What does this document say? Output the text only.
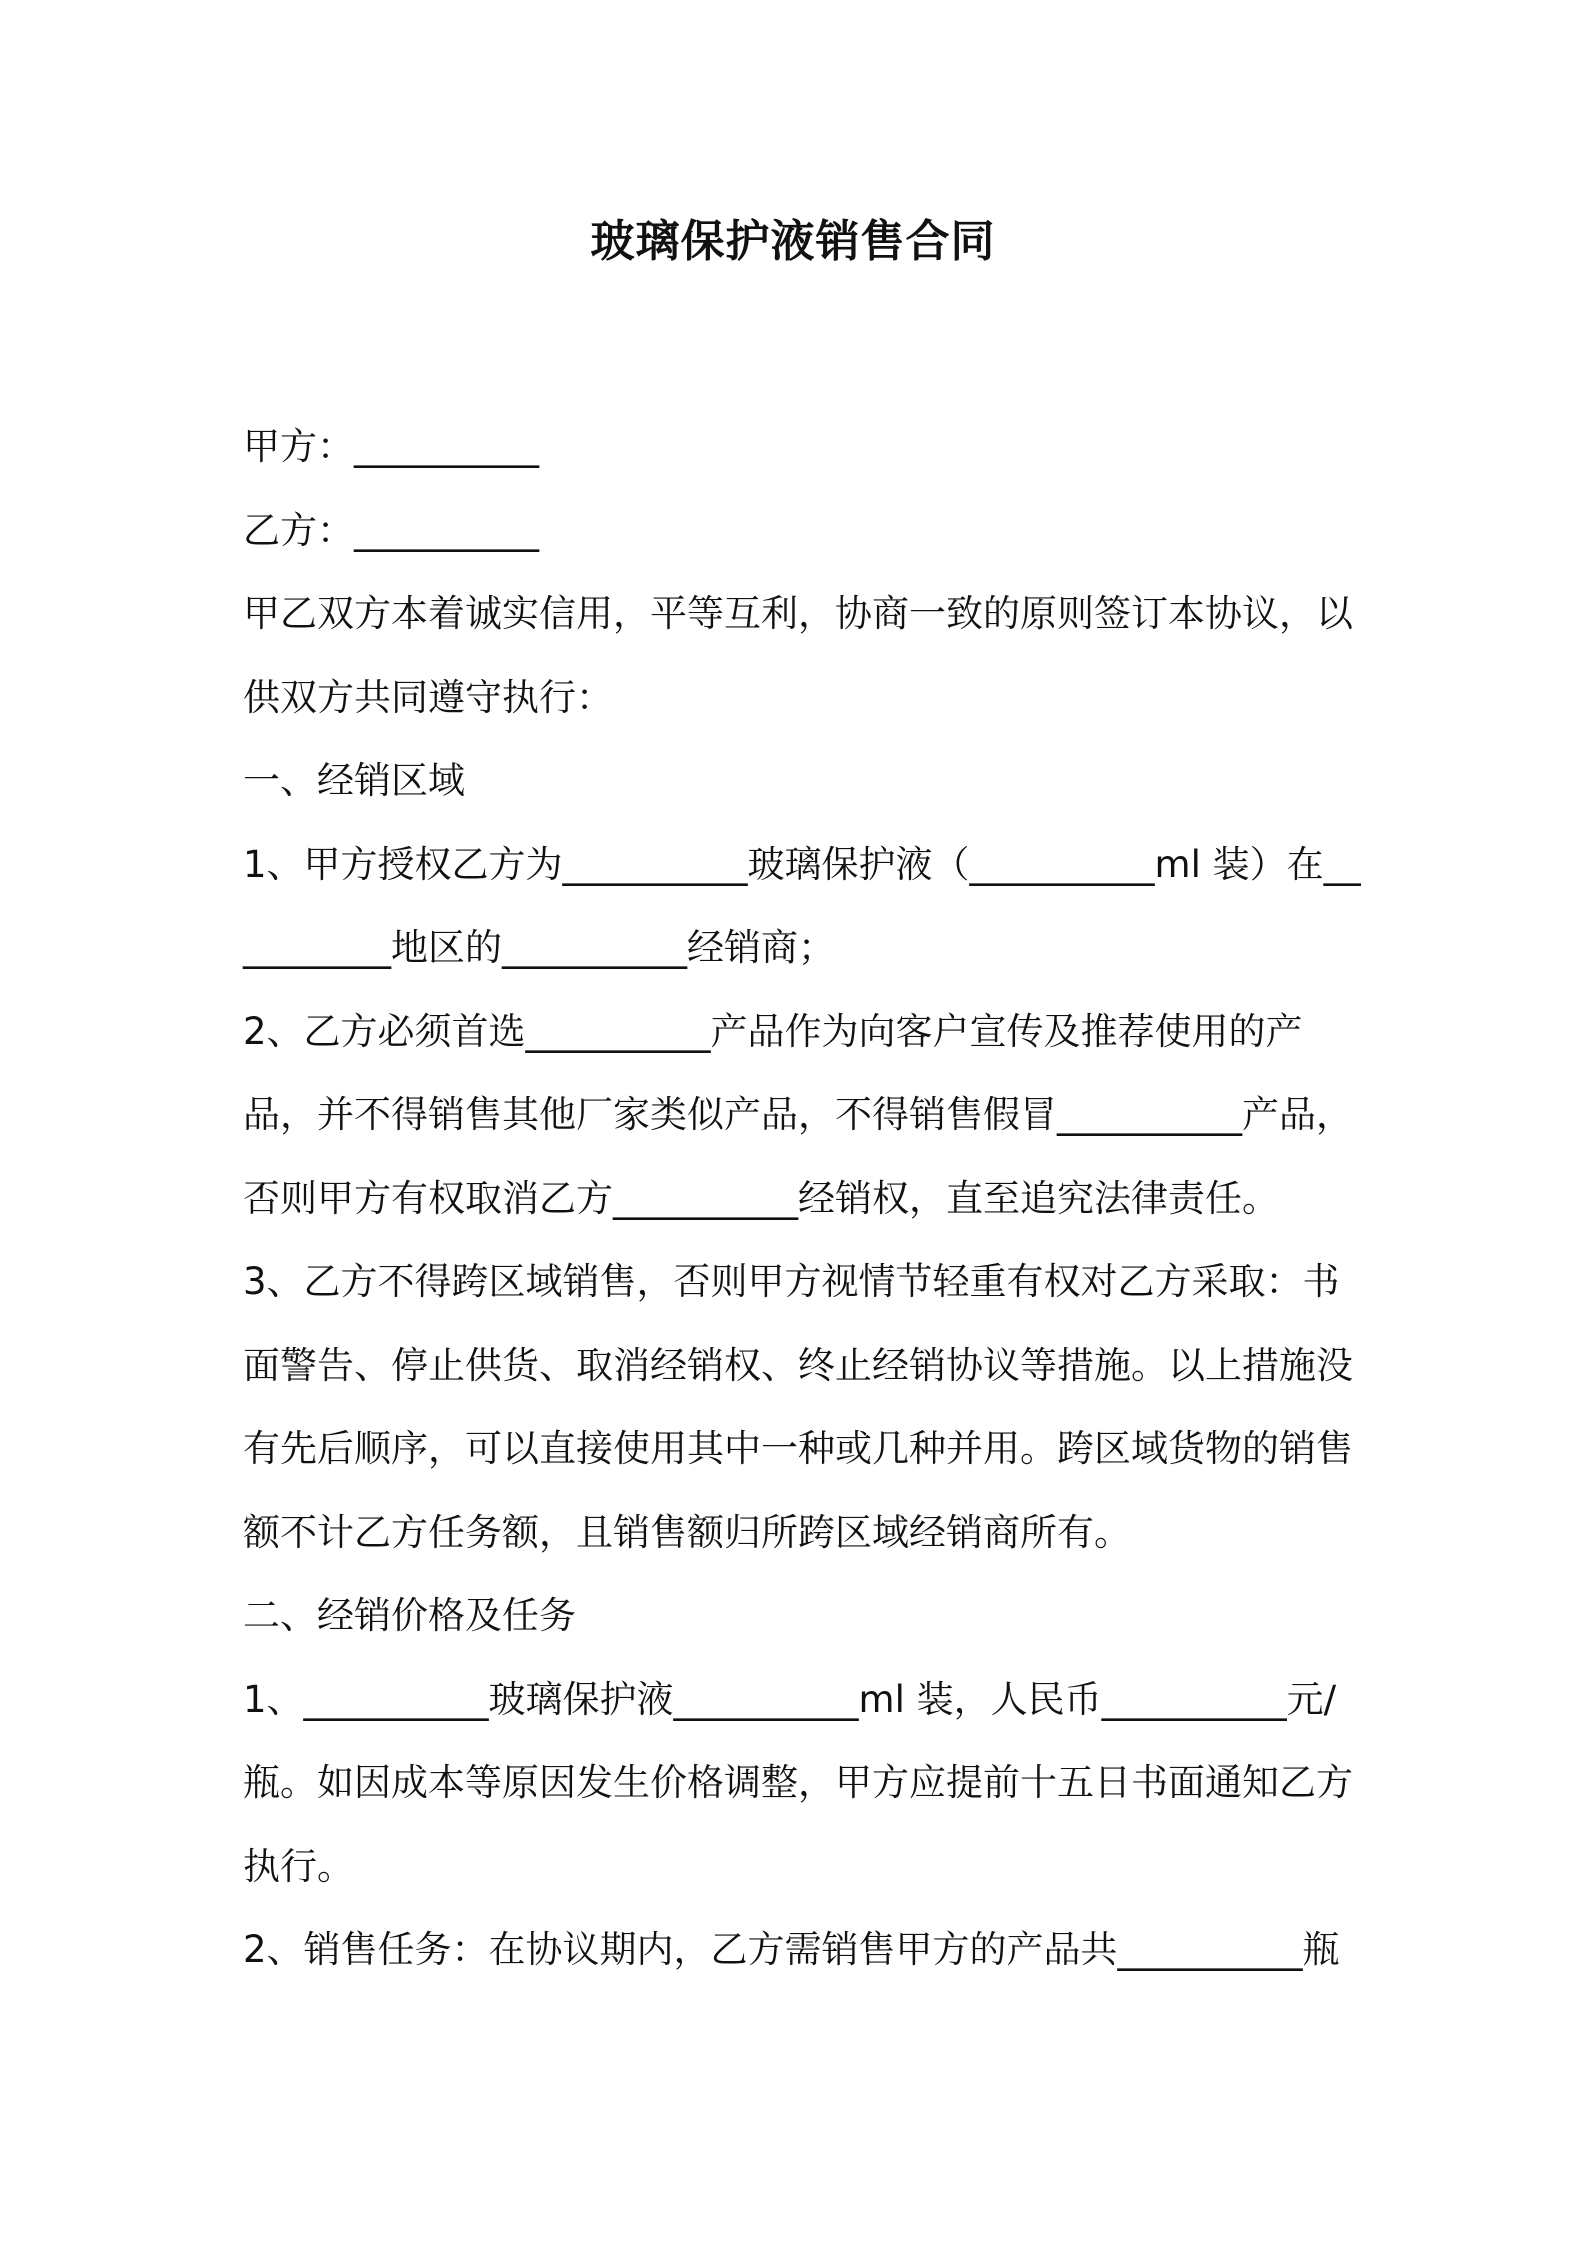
玻璃保护液销售合同

甲方：__________

乙方：__________

甲乙双方本着诚实信用，平等互利，协商一致的原则签订本协议，以供双方共同遵守执行：

一、经销区域

1、甲方授权乙方为__________玻璃保护液（__________ml 装）在__________地区的__________经销商；

2、乙方必须首选__________产品作为向客户宣传及推荐使用的产品，并不得销售其他厂家类似产品，不得销售假冒__________产品，否则甲方有权取消乙方__________经销权，直至追究法律责任。

3、乙方不得跨区域销售，否则甲方视情节轻重有权对乙方采取：书面警告、停止供货、取消经销权、终止经销协议等措施。以上措施没有先后顺序，可以直接使用其中一种或几种并用。跨区域货物的销售额不计乙方任务额，且销售额归所跨区域经销商所有。

二、经销价格及任务

1、__________玻璃保护液__________ml 装，人民币__________元/瓶。如因成本等原因发生价格调整，甲方应提前十五日书面通知乙方执行。

2、销售任务：在协议期内，乙方需销售甲方的产品共__________瓶
